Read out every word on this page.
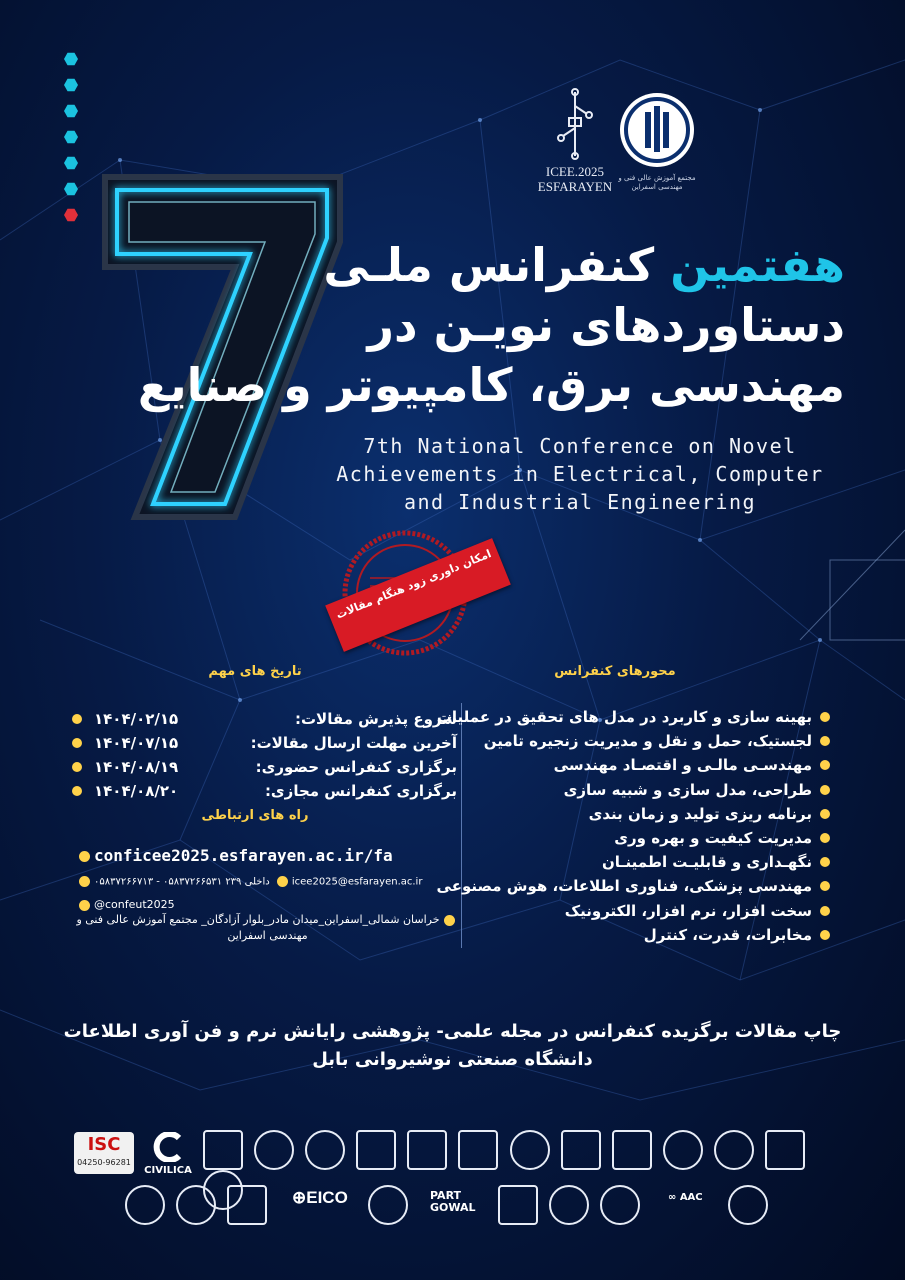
ICEE.2025
ESFARAYEN
مجتمع آموزش عالی فنی و مهندسی اسفراین
هفتمین کنفرانس ملـی
دستاوردهای نویـن در
مهندسی برق، کامپیوتر و صنایع
7th National Conference on Novel
Achievements in Electrical, Computer
and Industrial Engineering
امکان داوری زود هنگام مقالات
تاریخ های مهم	محورهای کنفرانس
راه های ارتباطی
بهینه سازی و کاربرد در مدل های تحقیق در عملیات
لجستیک، حمل و نقل و مدیریت زنجیره تامین
مهندسـی مالـی و اقتصـاد مهندسی
طراحی، مدل سازی و شبیه سازی
برنامه ریزی تولید و زمان بندی
مدیریت کیفیت و بهره وری
نگهـداری و قابلیـت اطمینـان
مهندسی پزشکی، فناوری اطلاعات، هوش مصنوعی
سخت افزار، نرم افزار، الکترونیک
مخابرات، قدرت، کنترل
شروع پذیرش مقالات:
۱۴۰۴/۰۲/۱۵
آخرین مهلت ارسال مقالات:
۱۴۰۴/۰۷/۱۵
برگزاری کنفرانس حضوری:
۱۴۰۴/۰۸/۱۹
برگزاری کنفرانس مجازی:
۱۴۰۴/۰۸/۲۰
conficee2025.esfarayen.ac.ir/fa
۰۵۸۳۷۲۶۶۷۱۳ - ۰۵۸۳۷۲۶۶۵۳۱ داخلی ۲۳۹ icee2025@esfarayen.ac.ir
@confeut2025
خراسان شمالی_اسفراین_میدان مادر_بلوار آزادگان_ مجتمع آموزش عالی فنی و مهندسی اسفراین
چاپ مقالات برگزیده کنفرانس در مجله علمی- پژوهشی رایانش نرم و فن آوری اطلاعات
دانشگاه صنعتی نوشیروانی بابل
ISC
04250-96281
CIVILICA

⊕EICO	PART
GOWAL

∞ AAC
